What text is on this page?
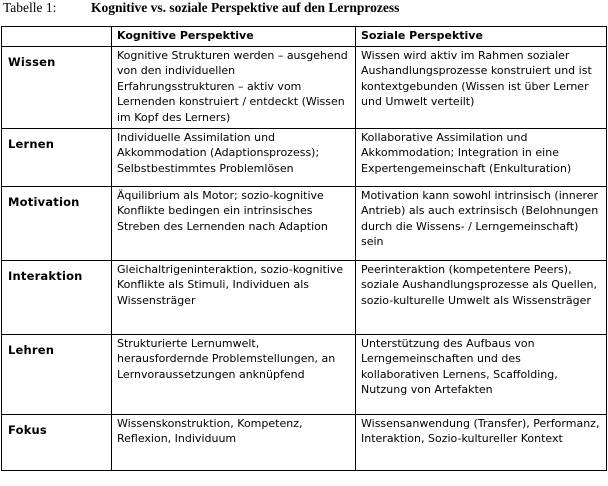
Tabelle 1:	Kognitive vs. soziale Perspektive auf den Lernprozess
	Kognitive Perspektive	Soziale Perspektive
Wissen	Kognitive Strukturen werden – ausgehend von den individuellen Erfahrungsstrukturen – aktiv vom Lernenden konstruiert / entdeckt (Wissen im Kopf des Lerners)	Wissen wird aktiv im Rahmen sozialer Aushandlungsprozesse konstruiert und ist kontextgebunden (Wissen ist über Lerner und Umwelt verteilt)
Lernen	Individuelle Assimilation und Akkommodation (Adaptionsprozess); Selbstbestimmtes Problemlösen	Kollaborative Assimilation und Akkommodation; Integration in eine Expertengemeinschaft (Enkulturation)
Motivation	Äquilibrium als Motor; sozio-kognitive Konflikte bedingen ein intrinsisches Streben des Lernenden nach Adaption	Motivation kann sowohl intrinsisch (innerer Antrieb) als auch extrinsisch (Belohnungen durch die Wissens- / Lerngemeinschaft) sein
Interaktion	Gleichaltrigeninteraktion, sozio-kognitive Konflikte als Stimuli, Individuen als Wissensträger	Peerinteraktion (kompetentere Peers), soziale Aushandlungsprozesse als Quellen, sozio-kulturelle Umwelt als Wissensträger
Lehren	Strukturierte Lernumwelt, herausfordernde Problemstellungen, an Lernvoraussetzungen anknüpfend	Unterstützung des Aufbaus von Lerngemeinschaften und des kollaborativen Lernens, Scaffolding, Nutzung von Artefakten
Fokus	Wissenskonstruktion, Kompetenz, Reflexion, Individuum	Wissensanwendung (Transfer), Performanz, Interaktion, Sozio-kultureller Kontext
